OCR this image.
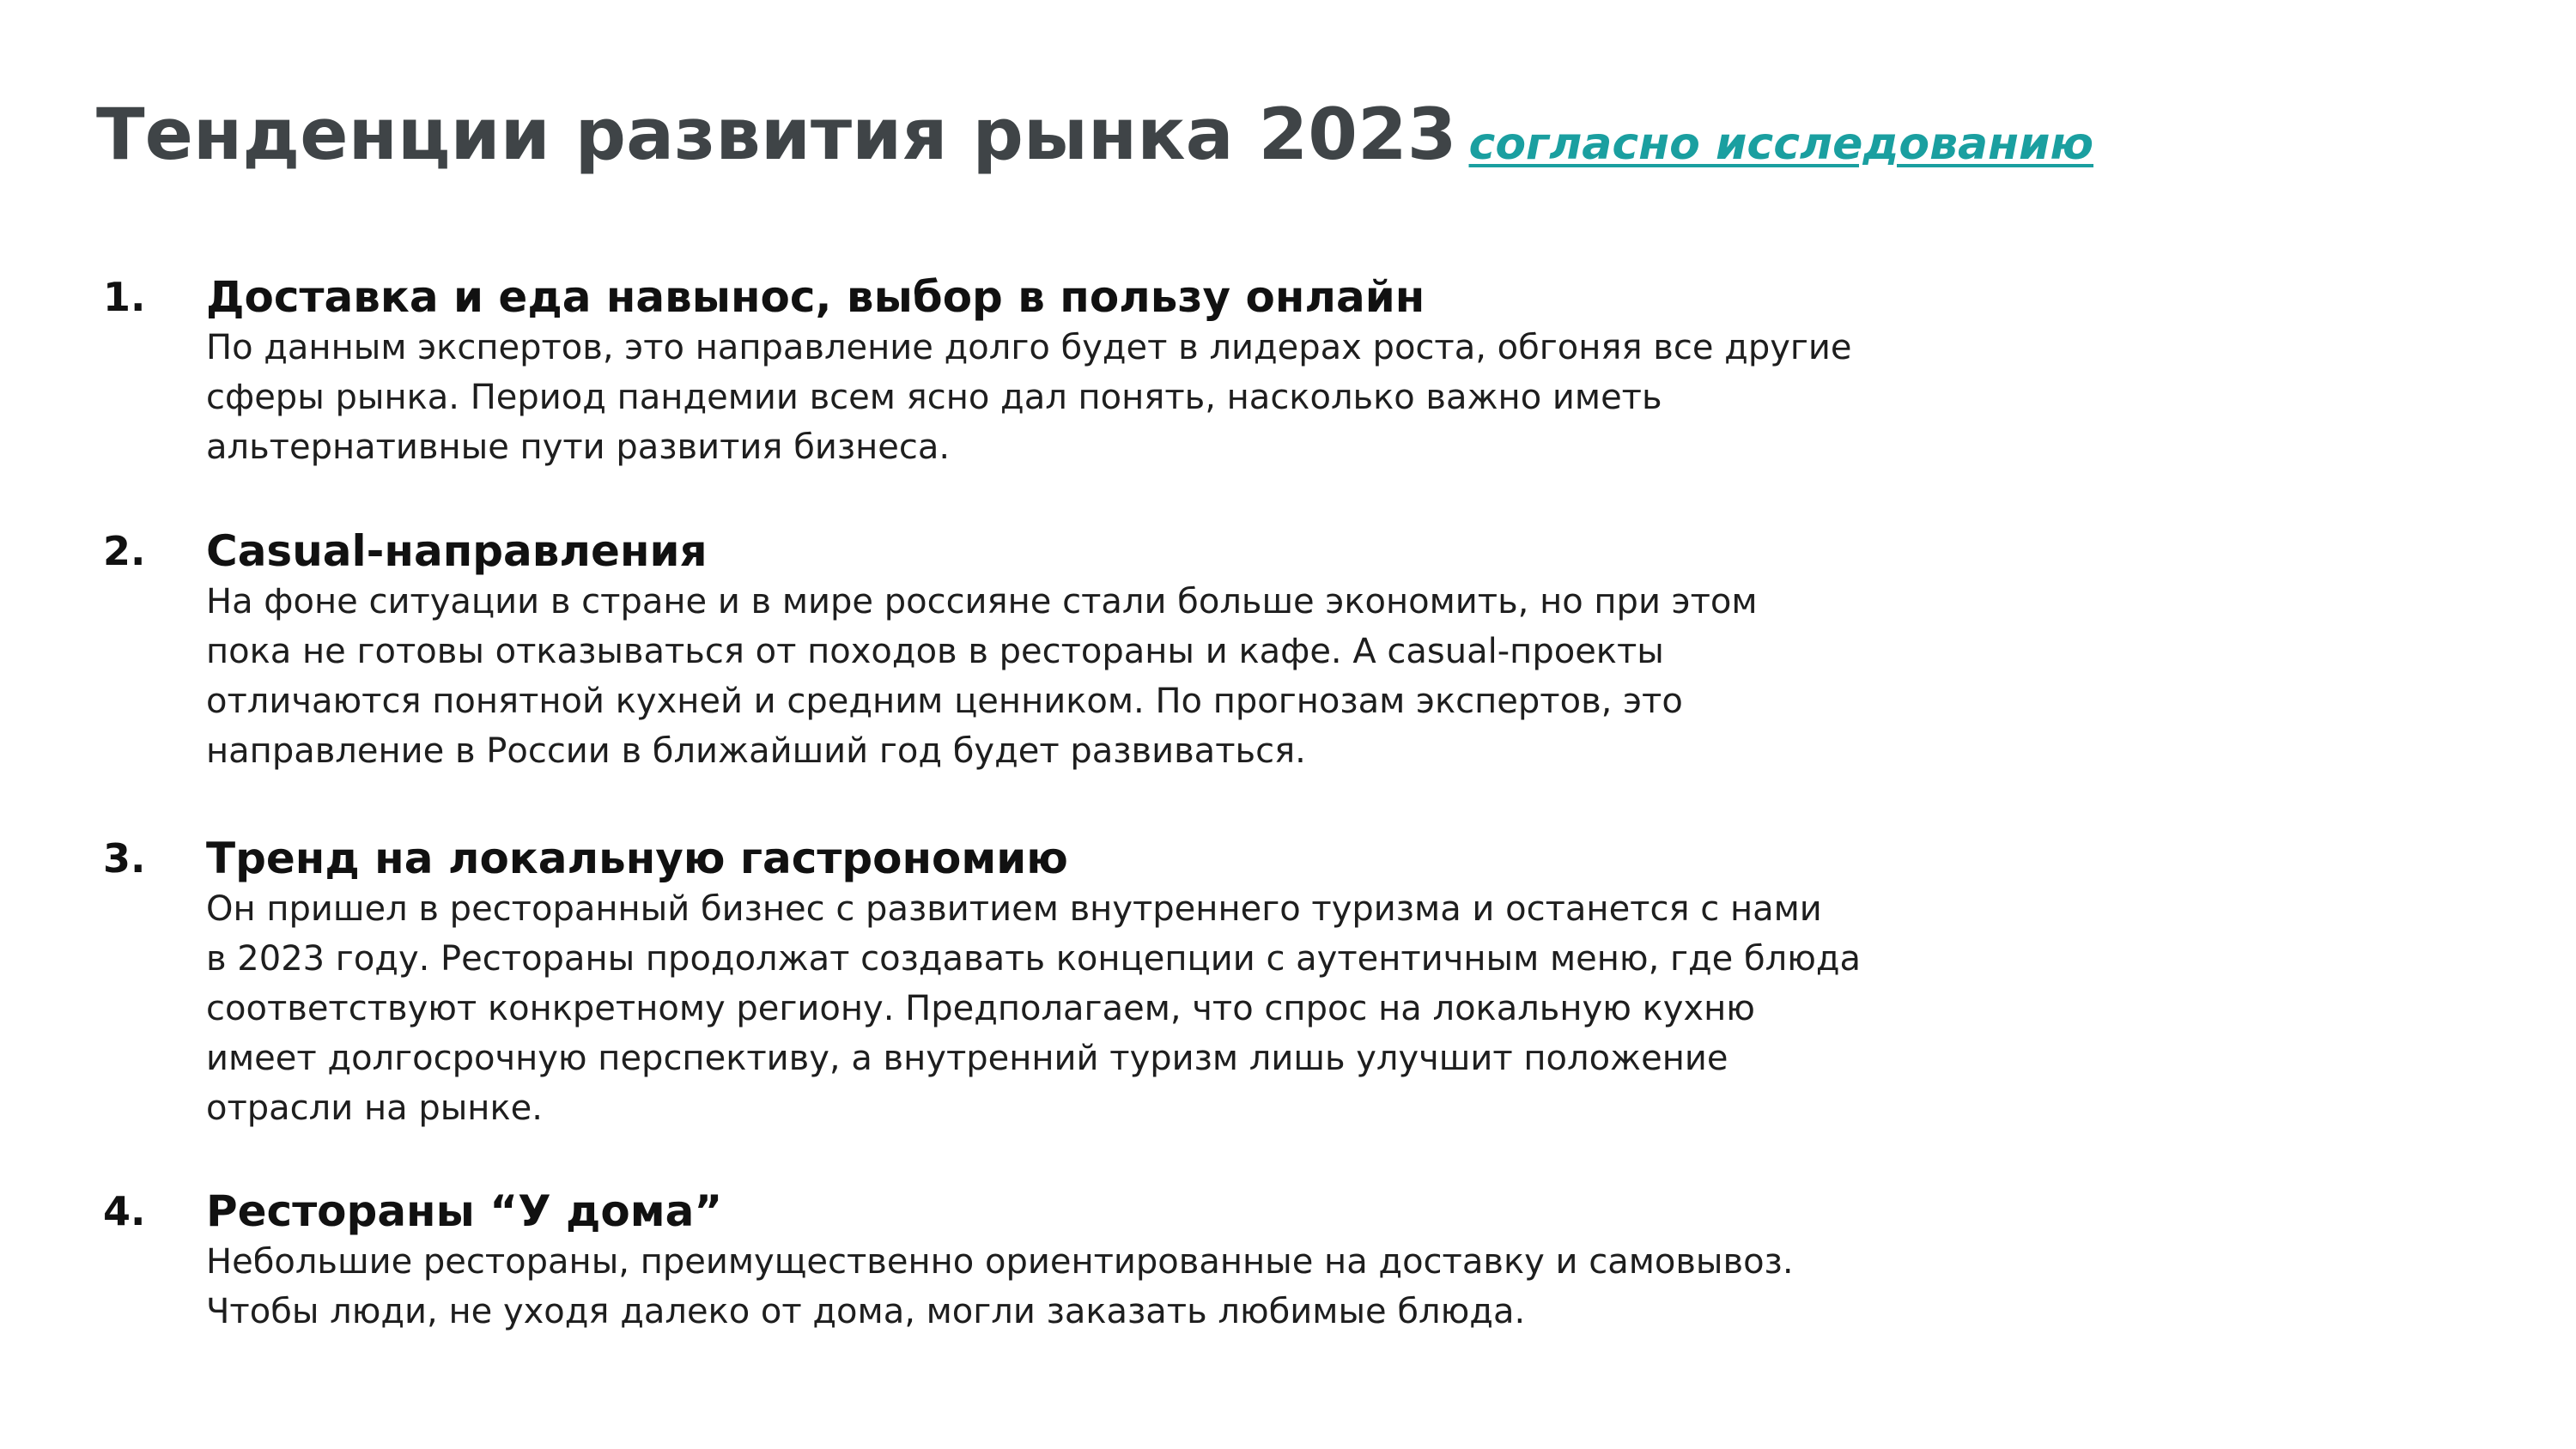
Тенденции развития рынка 2023 согласно исследованию
1.	Доставка и еда навынос, выбор в пользу онлайн
По данным экспертов, это направление долго будет в лидерах роста, обгоняя все другие
сферы рынка. Период пандемии всем ясно дал понять, насколько важно иметь
альтернативные пути развития бизнеса.
2.	Casual-направления
На фоне ситуации в стране и в мире россияне стали больше экономить, но при этом
пока не готовы отказываться от походов в рестораны и кафе. А casual-проекты
отличаются понятной кухней и средним ценником. По прогнозам экспертов, это
направление в России в ближайший год будет развиваться.
3.	Тренд на локальную гастрономию
Он пришел в ресторанный бизнес с развитием внутреннего туризма и останется с нами
в 2023 году. Рестораны продолжат создавать концепции с аутентичным меню, где блюда
соответствуют конкретному региону. Предполагаем, что спрос на локальную кухню
имеет долгосрочную перспективу, а внутренний туризм лишь улучшит положение
отрасли на рынке.
4.	Рестораны “У дома”
Небольшие рестораны, преимущественно ориентированные на доставку и самовывоз.
Чтобы люди, не уходя далеко от дома, могли заказать любимые блюда.
